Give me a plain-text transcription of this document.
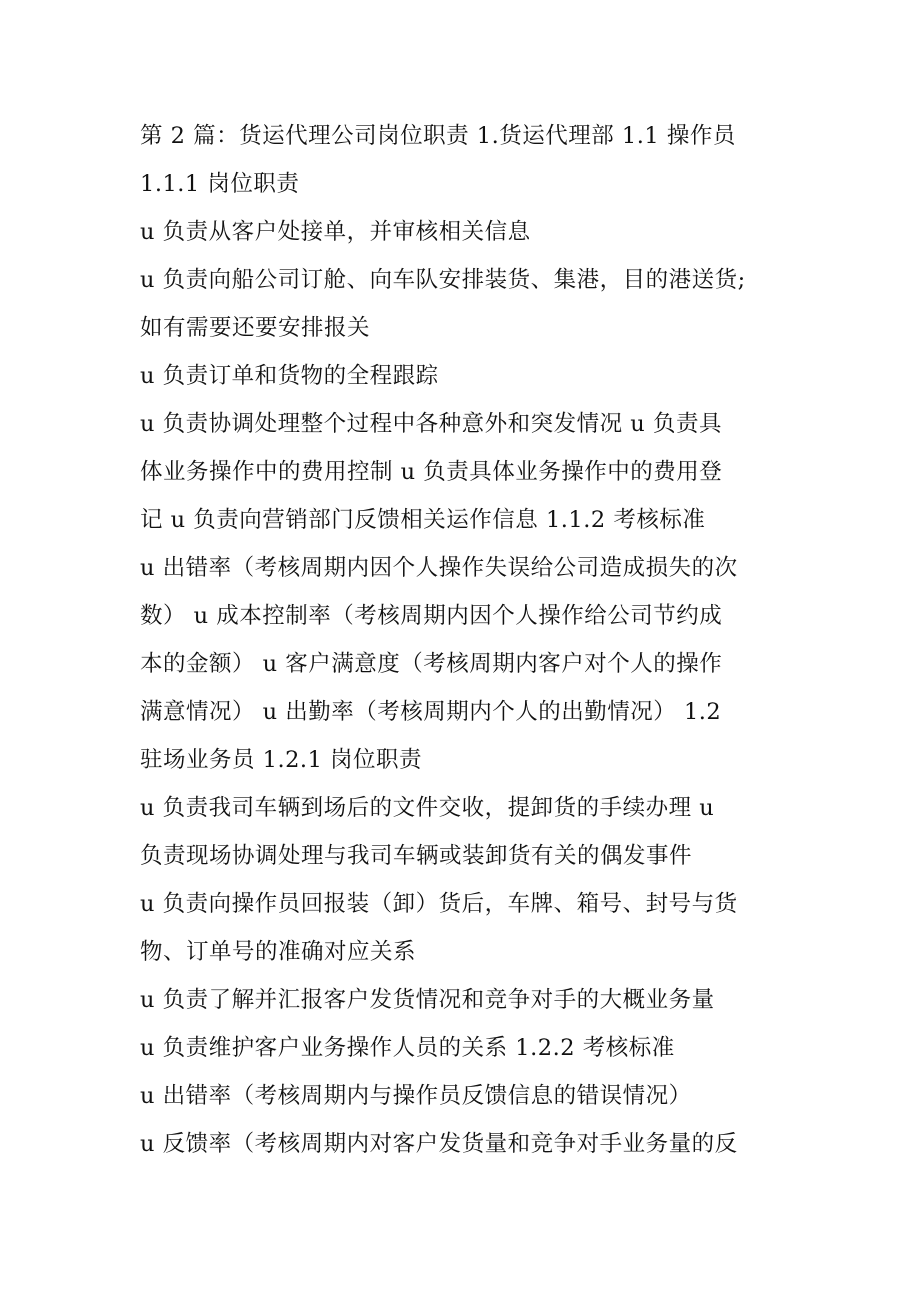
第 2 篇：货运代理公司岗位职责 1.货运代理部 1.1 操作员
1.1.1 岗位职责
u 负责从客户处接单，并审核相关信息
u 负责向船公司订舱、向车队安排装货、集港，目的港送货;
如有需要还要安排报关
u 负责订单和货物的全程跟踪
u 负责协调处理整个过程中各种意外和突发情况 u 负责具
体业务操作中的费用控制 u 负责具体业务操作中的费用登
记 u 负责向营销部门反馈相关运作信息 1.1.2 考核标准
u 出错率（考核周期内因个人操作失误给公司造成损失的次
数） u 成本控制率（考核周期内因个人操作给公司节约成
本的金额） u 客户满意度（考核周期内客户对个人的操作
满意情况） u 出勤率（考核周期内个人的出勤情况） 1.2
驻场业务员 1.2.1 岗位职责
u 负责我司车辆到场后的文件交收，提卸货的手续办理 u
负责现场协调处理与我司车辆或装卸货有关的偶发事件
u 负责向操作员回报装（卸）货后，车牌、箱号、封号与货
物、订单号的准确对应关系
u 负责了解并汇报客户发货情况和竞争对手的大概业务量
u 负责维护客户业务操作人员的关系 1.2.2 考核标准
u 出错率（考核周期内与操作员反馈信息的错误情况）
u 反馈率（考核周期内对客户发货量和竞争对手业务量的反
